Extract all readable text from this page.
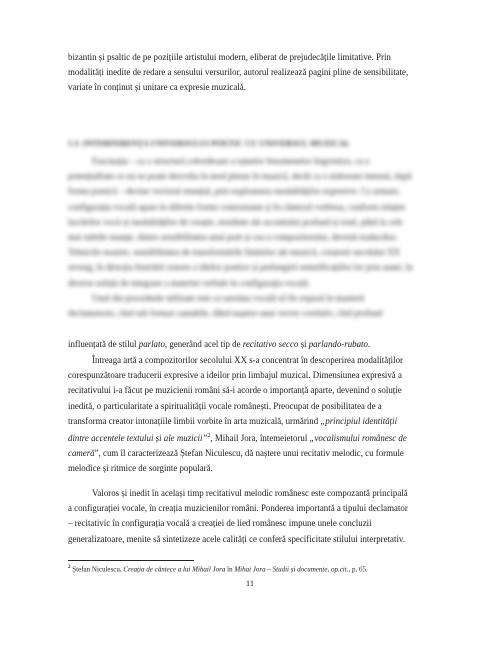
bizantin și psaltic de pe pozițiile artistului modern, eliberat de prejudecățile limitative. Prin
modalități inedite de redare a sensului versurilor, autorul realizează pagini pline de sensibilitate,
variate în conținut și unitare ca expresie muzicală.

1.3. INTERFERENȚA UNIVERSULUI POETIC CU UNIVERSUL MUZICAL

Fascinația – ca o structură coborâtoare a tainelor fenomenelor lingvistice, ca o
potențialitate ce nu se poate dezvolta în mod plenar în muzică, decât ca o elaborare intensă, după
forma poetică – devine vectorul esențial, prin exploatarea modalităților expresive. Ca urmare,
configurația vocală apare în diferite forme contrastante și în cântecul vorbirea, conform relației
lucrărilor vocii și modalităților de creație, rezultate ale accentului profund și total, până la cele
mai subtile nuanțe, dintre sensibilitatea unui poet și cea a compozitorului, devenit traducător.
Tehnicile noastre, sensibilitatea de transformările limitelor ale muzicii, creatorii secolului XX
reveng, în direcția ilustrării sonore a ideilor poetice și prelungirii semnificațiilor lor prin sunet, în
diverse soluții de integrare a materiei verbale în configurația vocală.
Unul din procedeele utilizate este ca sursima vocală să fie expusă în manieră
declamatorie, cînd sub format cantabile, dând naștere unui vector corelativ, cînd profund

influențată de stilul parlato, generând acel tip de recitativo secco și parlando-rubato.

Întreaga artă a compozitorilor secolului XX s-a concentrat în descoperirea modalităților
corespunzătoare traducerii expresive a ideilor prin limbajul muzical. Dimensiunea expresivă a
recitativului i-a făcut pe muzicienii români să-i acorde o importanță aparte, devenind o soluție
inedită, o particularitate a spiritualității vocale românești. Preocupat de posibilitatea de a
transforma creator intonațiile limbii vorbite în arta muzicală, urmărind „principiul identității
dintre accentele textului și ale muzicii”$^2$, Mihail Jora, întemeietorul „vocalismului românesc de
cameră”, cum îl caracterizează Ștefan Niculescu, dă naștere unui recitativ melodic, cu formule
melodice și ritmice de sorginte populară.

Valoros și inedit în același timp recitativul melodic românesc este compozantă principală
a configurației vocale, în creația muzicienilor români. Ponderea importantă a tipului declamator
– recitativic în configurația vocală a creației de lied românesc impune unele concluzii
generalizatoare, menite să sintetizeze acele calități ce conferă specificitate stilului interpretativ.

$^2$ Ștefan Niculescu, Creația de cântece a lui Mihail Jora în Mihai Jora – Studii și documente, op.cit., p. 65.
11
